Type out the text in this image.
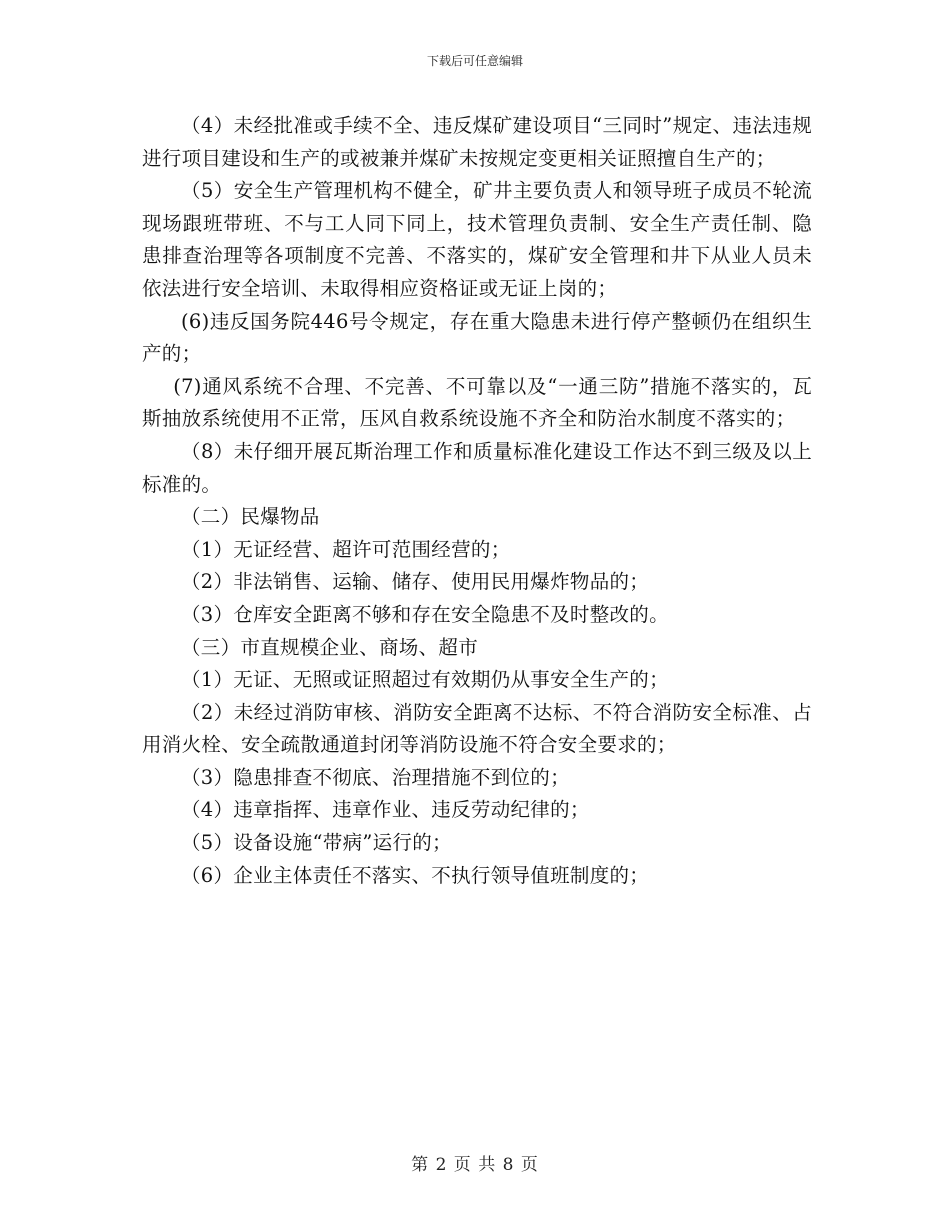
下载后可任意编辑

（4）未经批准或手续不全、违反煤矿建设项目“三同时”规定、违法违规进行项目建设和生产的或被兼并煤矿未按规定变更相关证照擅自生产的；

（5）安全生产管理机构不健全，矿井主要负责人和领导班子成员不轮流现场跟班带班、不与工人同下同上，技术管理负责制、安全生产责任制、隐患排查治理等各项制度不完善、不落实的，煤矿安全管理和井下从业人员未依法进行安全培训、未取得相应资格证或无证上岗的；

(6)违反国务院446号令规定，存在重大隐患未进行停产整顿仍在组织生产的；

(7)通风系统不合理、不完善、不可靠以及“一通三防”措施不落实的，瓦斯抽放系统使用不正常，压风自救系统设施不齐全和防治水制度不落实的；

（8）未仔细开展瓦斯治理工作和质量标准化建设工作达不到三级及以上标准的。

（二）民爆物品

（1）无证经营、超许可范围经营的；

（2）非法销售、运输、储存、使用民用爆炸物品的；

（3）仓库安全距离不够和存在安全隐患不及时整改的。

（三）市直规模企业、商场、超市

（1）无证、无照或证照超过有效期仍从事安全生产的；

（2）未经过消防审核、消防安全距离不达标、不符合消防安全标准、占用消火栓、安全疏散通道封闭等消防设施不符合安全要求的；

（3）隐患排查不彻底、治理措施不到位的；

（4）违章指挥、违章作业、违反劳动纪律的；

（5）设备设施“带病”运行的；

（6）企业主体责任不落实、不执行领导值班制度的；

第 2 页 共 8 页
